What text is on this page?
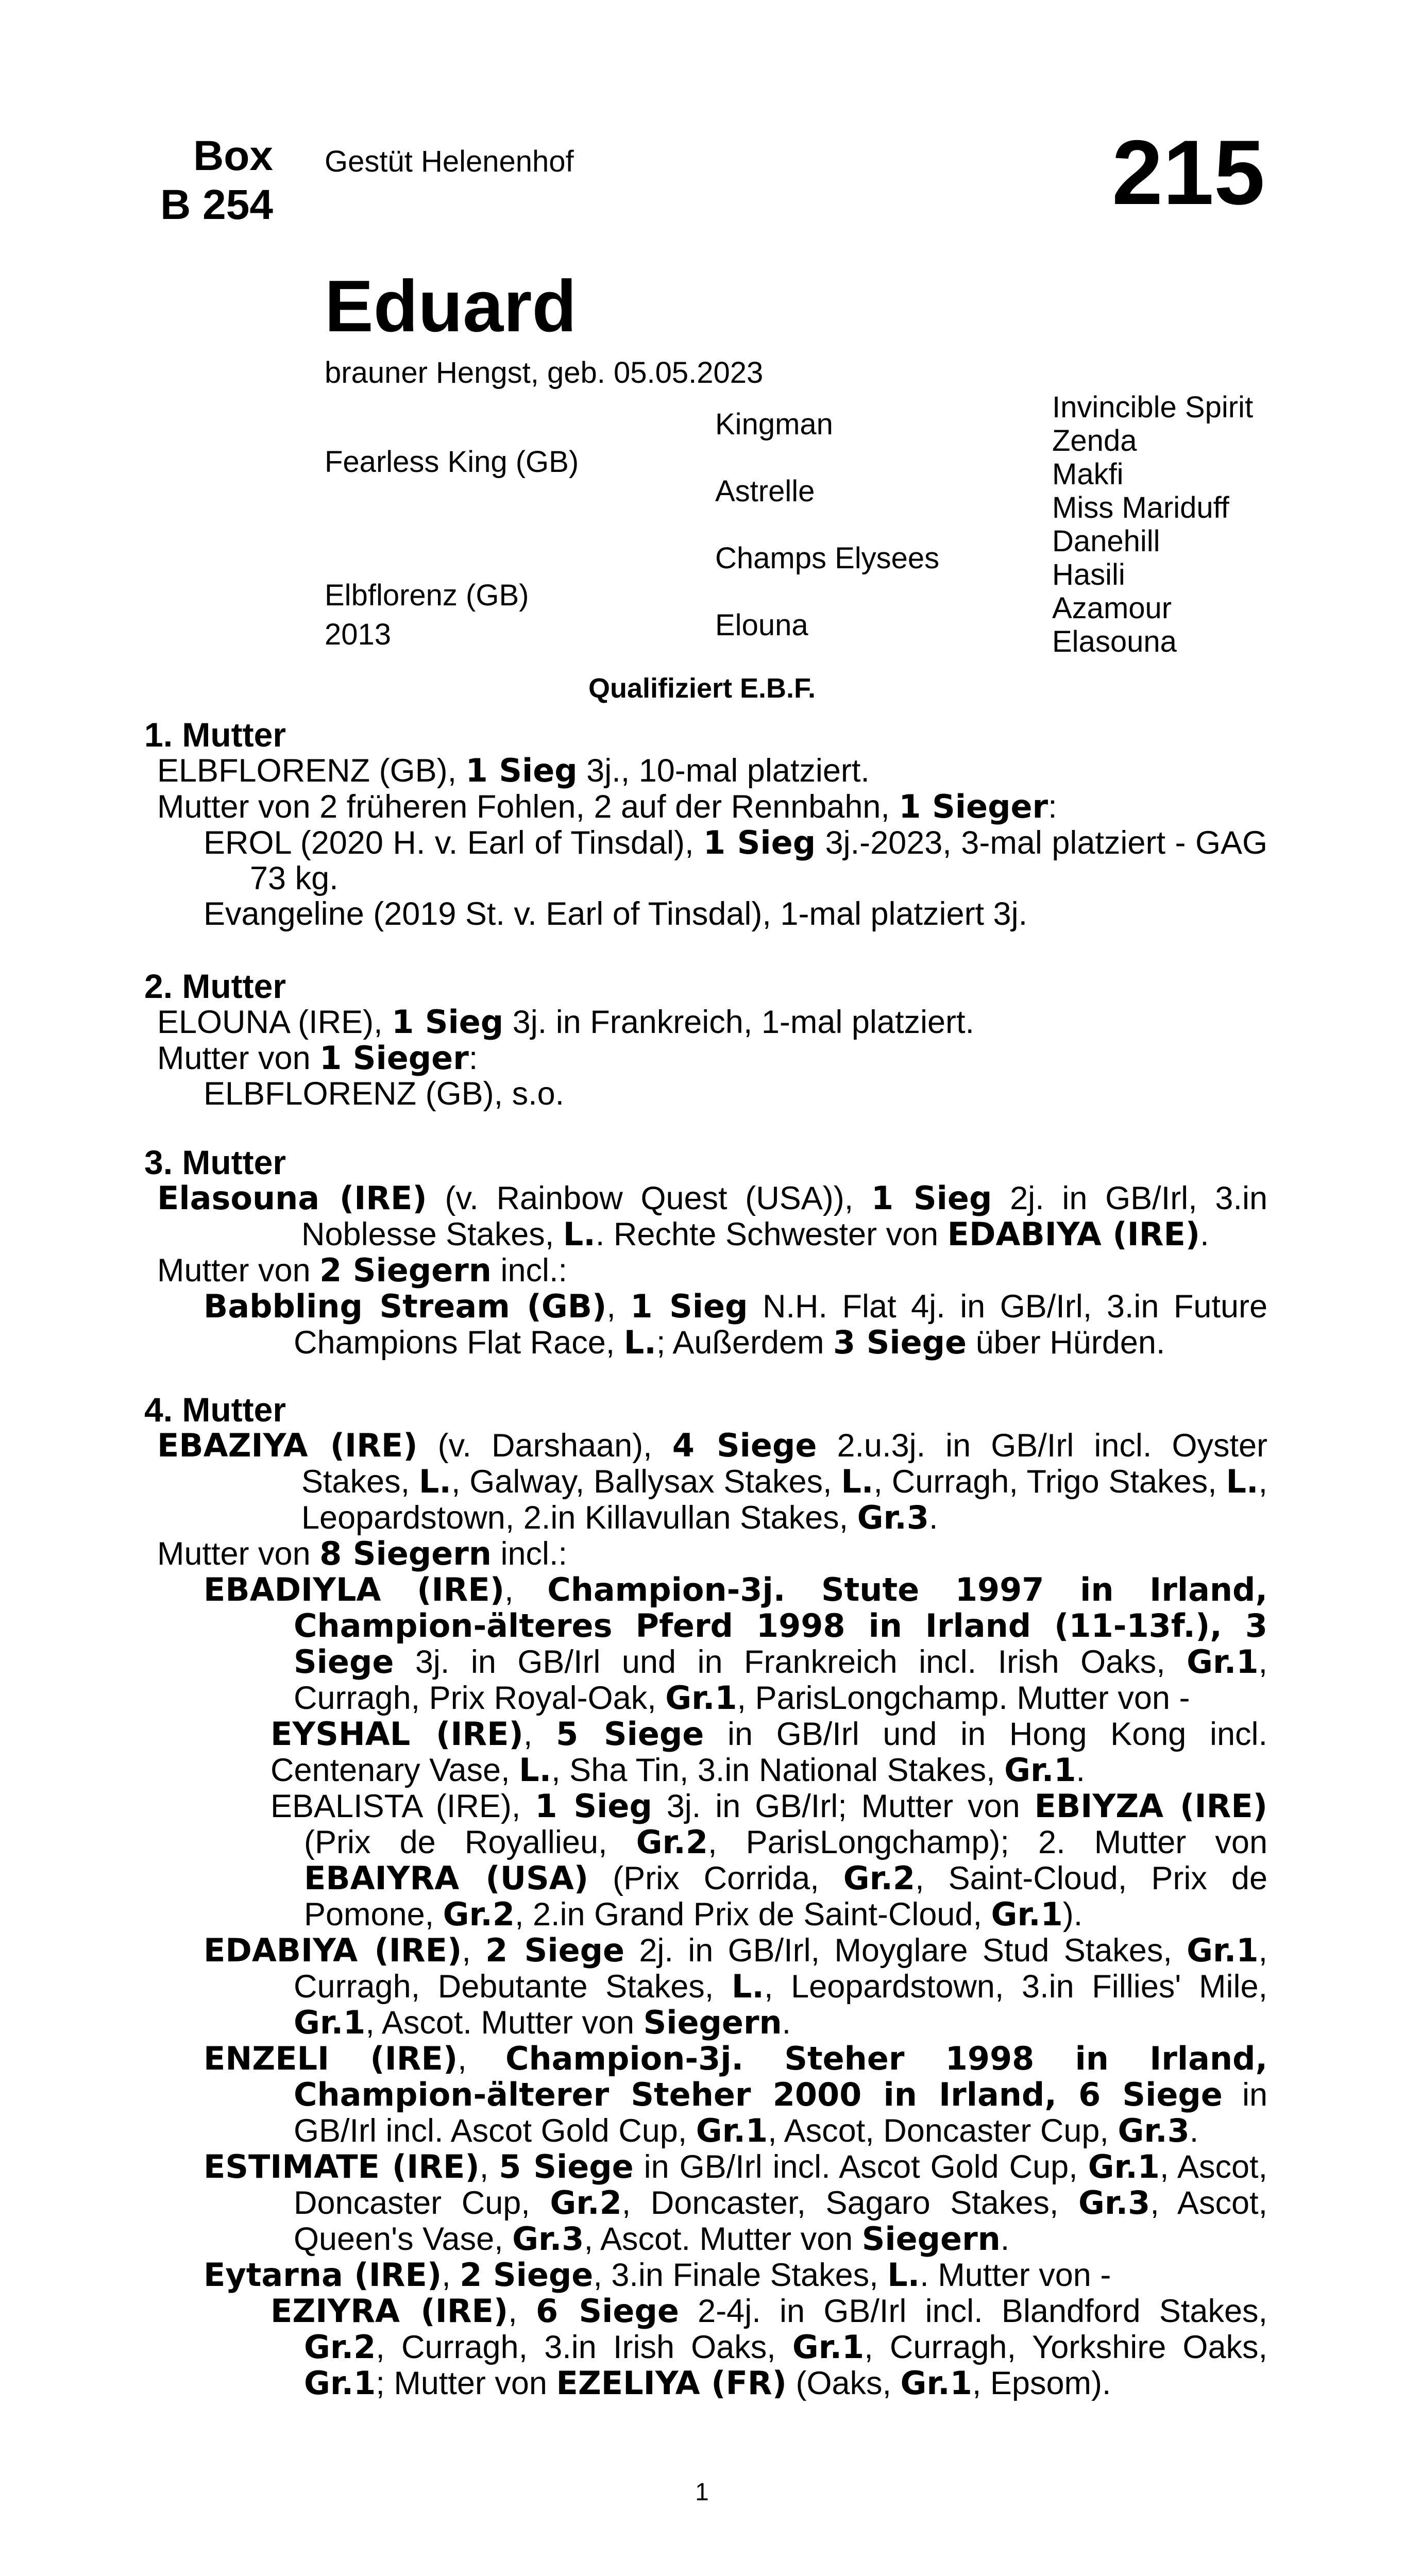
Box
B 254
Gestüt Helenenhof	215
Eduard
brauner Hengst, geb. 05.05.2023
Fearless King (GB)
Elbflorenz (GB)
2013
Kingman
Astrelle
Champs Elysees
Elouna
Invincible Spirit
Zenda
Makfi
Miss Mariduff
Danehill
Hasili
Azamour
Elasouna
Qualifiziert E.B.F.
1. Mutter
ELBFLORENZ (GB), 1 Sieg 3j., 10-mal platziert.
Mutter von 2 früheren Fohlen, 2 auf der Rennbahn, 1 Sieger:
EROL (2020 H. v. Earl of Tinsdal), 1 Sieg 3j.-2023, 3-mal platziert - GAG 73 kg.
Evangeline (2019 St. v. Earl of Tinsdal), 1-mal platziert 3j.
2. Mutter
ELOUNA (IRE), 1 Sieg 3j. in Frankreich, 1-mal platziert.
Mutter von 1 Sieger:
ELBFLORENZ (GB), s.o.
3. Mutter
Elasouna (IRE) (v. Rainbow Quest (USA)), 1 Sieg 2j. in GB/Irl, 3.in Noblesse Stakes, L.. Rechte Schwester von EDABIYA (IRE).
Mutter von 2 Siegern incl.:
Babbling Stream (GB), 1 Sieg N.H. Flat 4j. in GB/Irl, 3.in Future Champions Flat Race, L.; Außerdem 3 Siege über Hürden.
4. Mutter
EBAZIYA (IRE) (v. Darshaan), 4 Siege 2.u.3j. in GB/Irl incl. Oyster Stakes, L., Galway, Ballysax Stakes, L., Curragh, Trigo Stakes, L., Leopardstown, 2.in Killavullan Stakes, Gr.3.
Mutter von 8 Siegern incl.:
EBADIYLA (IRE), Champion-3j. Stute 1997 in Irland, Champion-älteres Pferd 1998 in Irland (11-13f.), 3 Siege 3j. in GB/Irl und in Frankreich incl. Irish Oaks, Gr.1, Curragh, Prix Royal-Oak, Gr.1, ParisLongchamp. Mutter von -
EYSHAL (IRE), 5 Siege in GB/Irl und in Hong Kong incl. Centenary Vase, L., Sha Tin, 3.in National Stakes, Gr.1.
EBALISTA (IRE), 1 Sieg 3j. in GB/Irl; Mutter von EBIYZA (IRE) (Prix de Royallieu, Gr.2, ParisLongchamp); 2. Mutter von EBAIYRA (USA) (Prix Corrida, Gr.2, Saint-Cloud, Prix de Pomone, Gr.2, 2.in Grand Prix de Saint-Cloud, Gr.1).
EDABIYA (IRE), 2 Siege 2j. in GB/Irl, Moyglare Stud Stakes, Gr.1, Curragh, Debutante Stakes, L., Leopardstown, 3.in Fillies' Mile, Gr.1, Ascot. Mutter von Siegern.
ENZELI (IRE), Champion-3j. Steher 1998 in Irland, Champion-älterer Steher 2000 in Irland, 6 Siege in GB/Irl incl. Ascot Gold Cup, Gr.1, Ascot, Doncaster Cup, Gr.3.
ESTIMATE (IRE), 5 Siege in GB/Irl incl. Ascot Gold Cup, Gr.1, Ascot, Doncaster Cup, Gr.2, Doncaster, Sagaro Stakes, Gr.3, Ascot, Queen's Vase, Gr.3, Ascot. Mutter von Siegern.
Eytarna (IRE), 2 Siege, 3.in Finale Stakes, L.. Mutter von -
EZIYRA (IRE), 6 Siege 2-4j. in GB/Irl incl. Blandford Stakes, Gr.2, Curragh, 3.in Irish Oaks, Gr.1, Curragh, Yorkshire Oaks, Gr.1; Mutter von EZELIYA (FR) (Oaks, Gr.1, Epsom).
1
